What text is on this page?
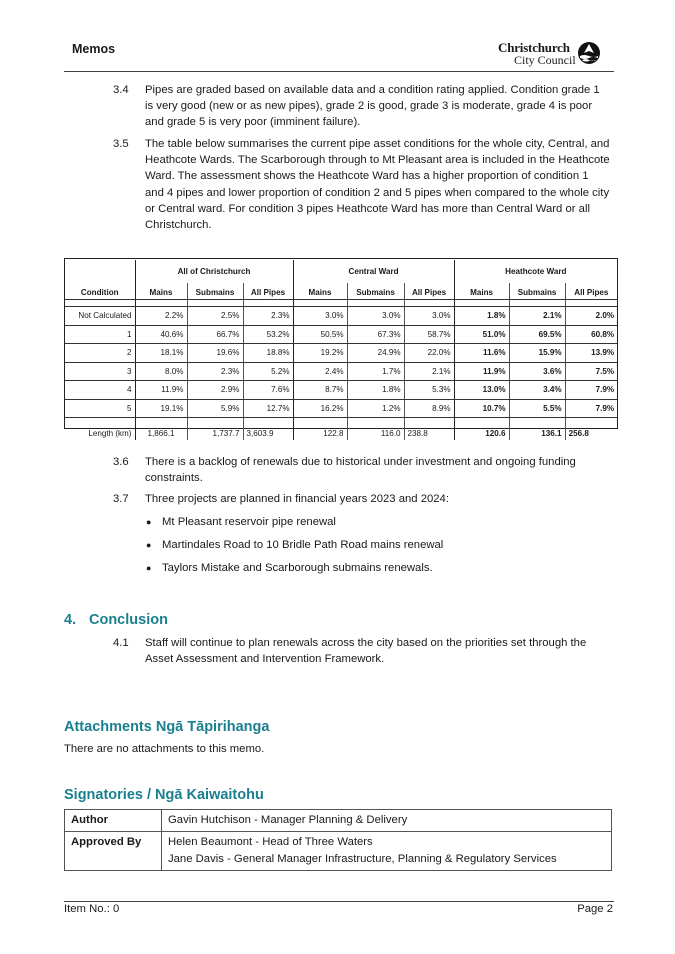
Memos	Christchurch
City Council
3.4 Pipes are graded based on available data and a condition rating applied. Condition grade 1 is very good (new or as new pipes), grade 2 is good, grade 3 is moderate, grade 4 is poor and grade 5 is very poor (imminent failure).
3.5 The table below summarises the current pipe asset conditions for the whole city, Central, and Heathcote Wards. The Scarborough through to Mt Pleasant area is included in the Heathcote Ward. The assessment shows the Heathcote Ward has a higher proportion of condition 1 and 4 pipes and lower proportion of condition 2 and 5 pipes when compared to the whole city or Central ward. For condition 3 pipes Heathcote Ward has more than Central Ward or all Christchurch.
	All of Christchurch			Central Ward			Heathcote Ward		
Condition	Mains	Submains	All Pipes	Mains	Submains	All Pipes	Mains	Submains	All Pipes

Not Calculated	2.2%	2.5%	2.3%	3.0%	3.0%	3.0%	1.8%	2.1%	2.0%
1	40.6%	66.7%	53.2%	50.5%	67.3%	58.7%	51.0%	69.5%	60.8%
2	18.1%	19.6%	18.8%	19.2%	24.9%	22.0%	11.6%	15.9%	13.9%
3	8.0%	2.3%	5.2%	2.4%	1.7%	2.1%	11.9%	3.6%	7.5%
4	11.9%	2.9%	7.6%	8.7%	1.8%	5.3%	13.0%	3.4%	7.9%
5	19.1%	5.9%	12.7%	16.2%	1.2%	8.9%	10.7%	5.5%	7.9%
Length (km)	1,866.1	1,737.7	3,603.9	122.8	116.0	238.8	120.6	136.1	256.8
3.6 There is a backlog of renewals due to historical under investment and ongoing funding constraints.
3.7 Three projects are planned in financial years 2023 and 2024:
● Mt Pleasant reservoir pipe renewal
● Martindales Road to 10 Bridle Path Road mains renewal
● Taylors Mistake and Scarborough submains renewals.
4. Conclusion
4.1 Staff will continue to plan renewals across the city based on the priorities set through the Asset Assessment and Intervention Framework.
Attachments Ngā Tāpirihanga
There are no attachments to this memo.
Signatories / Ngā Kaiwaitohu
Author	Gavin Hutchison - Manager Planning & Delivery
Approved By	Helen Beaumont - Head of Three Waters
Jane Davis - General Manager Infrastructure, Planning & Regulatory Services
Item No.: 0	Page 2
